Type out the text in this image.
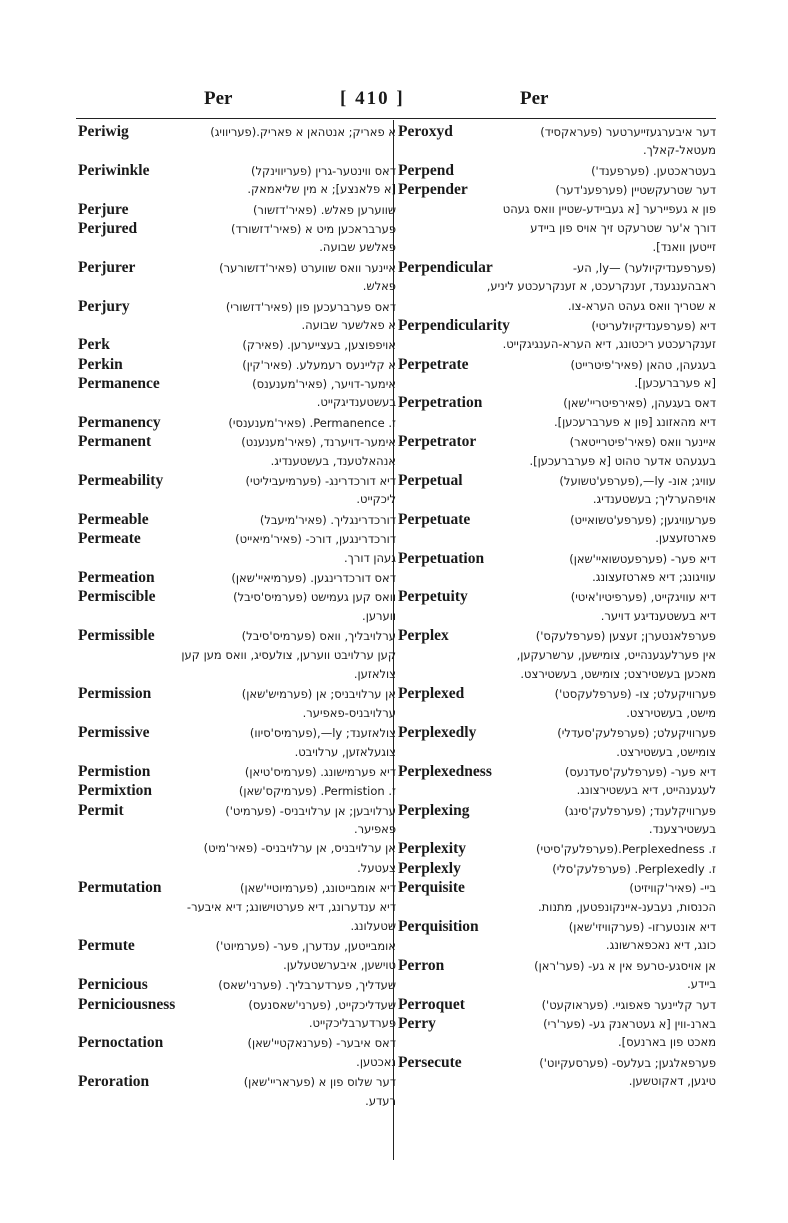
Per	[ 410 ]	Per
Periwig	א פאריק; אנטהאן א פאריק.(פעריוויג)
Periwinkle	דאס ווינטער-גרין (פעריווינקל)
[א פלאנצע]; א מין שליאמאק.
Perjure	שווערען פאלש. (פאיר'דזשור)
Perjured	פערבראכען מיט א (פאיר'דזשורד)
פאלשע שבועה.
Perjurer	איינער וואס שווערט (פאיר'דזשורער)
פאלש.
Perjury	דאס פערברעכען פון (פאיר'דזשורי)
א פאלשער שבועה.
Perk	אויפפוצען, בעצייערען. (פאירק)
Perkin	א קליינעס רעמעלע. (פאיר'קין)
Permanence	אימער-דויער, (פאיר'מענענס)
בעשטענדיגקייט.
Permanency	ז. Permanence. (פאיר'מענענסי)
Permanent	אימער-דויערנד, (פאיר'מענענט)
אנהאלטענד, בעשטענדיג.
Permeability	דיא דורכדרינג- (פערמיעביליטי)
ליכקייט.
Permeable	דורכדרינגליך. (פאיר'מיעבל)
Permeate	דורכדרינגען, דורכ- (פאיר'מיאייט)
געהן דורך.
Permeation	דאס דורכדרינגען. (פערמיאיי'שאן)
Permiscible	וואס קען געמישט (פערמיס'סיבל)
ווערען.
Permissible	ערלויבליך, וואס (פערמיס'סיבל)
קען ערלויבט ווערען, צולעסיג, וואס מען קען
צולאזען.
Permission	אן ערלויבניס; אן (פערמיש'שאן)
ערלויבניס-פאפיער.
Permissive	צולאזענד; ly—,(פערמיס'סיוו)
צוגעלאזען, ערלויבט.
Permistion	דיא פערמישונג. (פערמיס'טיאן)
Permixtion	ז. Permistion. (פערמיקס'שאן)
Permit	ערלויבען; אן ערלויבניס- (פערמיט')
פאפיער.
אן ערלויבניס, אן ערלויבניס- (פאיר'מיט)
צעטעל.
Permutation	דיא אומבייטונג, (פערמיוטיי'שאן)
דיא ענדערונג, דיא פערטוישונג; דיא איבער-
שטעלונג.
Permute	אומבייטען, ענדערן, פער- (פערמיוט')
טוישען, איבערשטעלען.
Pernicious	שעדליך, פערדערבליך. (פערני'שאס)
Perniciousness	שעדליכקייט, (פערני'שאסנעס)
פערדערבליכקייט.
Pernoctation	דאס איבער- (פערנאקטיי'שאן)
נאכטען.
Peroration	דער שלוס פון א (פעראריי'שאן)
רעדע.
Peroxyd	דער איבערגעזייערטער (פעראקסיד)
מעטאל-קאלך.
Perpend	בעטראכטען. (פערפענד')
Perpender	דער שטרעקשטיין (פערפענ'דער)
פון א געפיירער [א געביידע-שטיין וואס געהט
דורך א'ער שטרעקט זיך אויס פון ביידע
זייטען וואנד].
Perpendicular	(פערפענדיקיולער) —ly, הע-
ראבהענגענד, זענקרעכט, א זענקרעכטע ליניע,
א שטריך וואס געהט הערא-צו.
Perpendicularity	דיא (פערפענדיקיולעריטי)
זענקרעכטע ריכטונג, דיא הערא-הענגיגקייט.
Perpetrate	בעגעהן, טהאן (פאיר'פיטרייט)
[א פערברעכען].
Perpetration	דאס בעגעהן, (פאירפיטריי'שאן)
דיא מהאזונג [פון א פערברעכען].
Perpetrator	איינער וואס (פאיר'פיטרייטאר)
בעגעהט אדער טהוט [א פערברעכען].
Perpetual	עוויג; אונ- ly—,(פערפע'טשועל)
אויפהערליך; בעשטענדיג.
Perpetuate	פערעוויגען; (פערפע'טשואייט)
פארטזעצען.
Perpetuation	דיא פער- (פערפעטשואיי'שאן)
עוויגונג; דיא פארטזעצונג.
Perpetuity	דיא עוויגקייט, (פערפיטיו'איטי)
דיא בעשטענדיגע דויער.
Perplex	פערפלאנטערן; זעצען (פערפלעקס')
אין פערלעגענהייט, צומישען, ערשרעקען,
מאכען בעשטירצט; צומישט, בעשטירצט.
Perplexed	פערוויקעלט; צו- (פערפלעקסט')
מישט, בעשטירצט.
Perplexedly	פערוויקעלט; (פערפלעק'סעדלי)
צומישט, בעשטירצט.
Perplexedness	דיא פער- (פערפלעק'סעדנעס)
לעגענהייט, דיא בעשטירצונג.
Perplexing	פערוויקלענד; (פערפלעק'סינג)
בעשטירצענד.
Perplexity	ז. Perplexedness.(פערפלעק'סיטי)
Perplexly	ז. Perplexedly. (פערפלעק'סלי)
Perquisite	ביי- (פאיר'קוויזיט)
הכנסות, נעבענ-איינקונפטען, מתנות.
Perquisition	דיא אונטערזו- (פערקוויזי'שאן)
כונג, דיא נאכפארשונג.
Perron	אן אויסגע-טרעפ אין א גע- (פער'ראן)
ביידע.
Perroquet	דער קליינער פאפוגיי. (פעראוקעט')
Perry	בארנ-ווין [א געטראנק גע- (פער'רי)
מאכט פון בארנעס].
Persecute	פערפאלגען; בעלעס- (פערסעקיוט')
טיגען, דאקוטשען.
